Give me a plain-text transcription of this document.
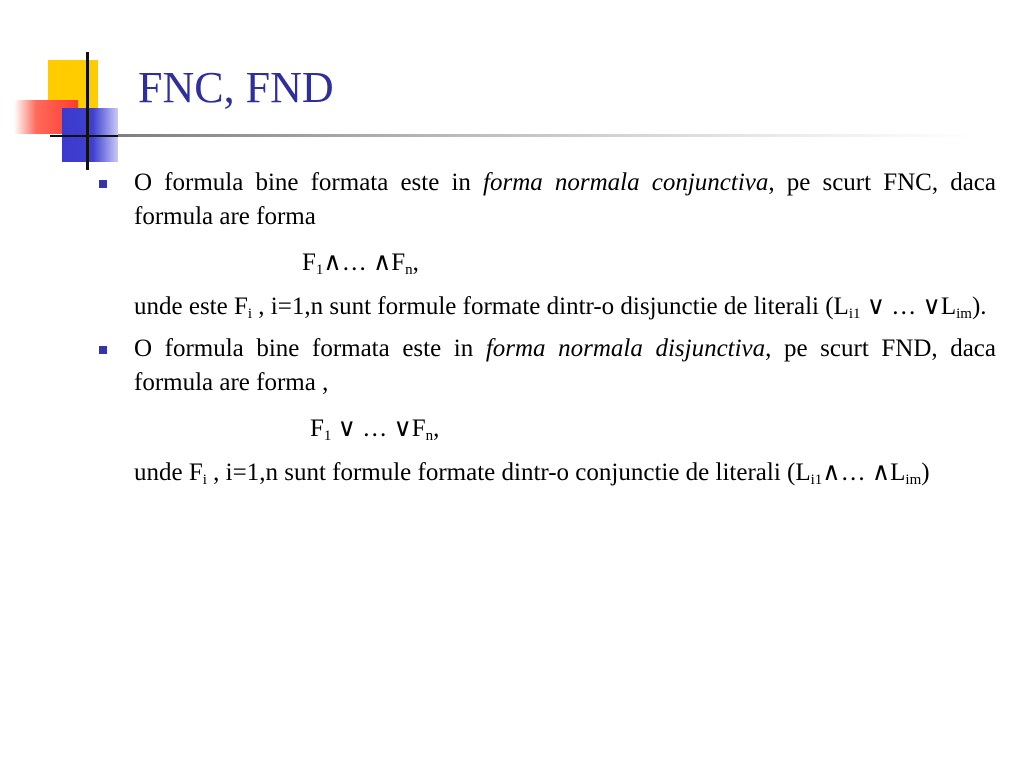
FNC, FND

O formula bine formata este in forma normala conjunctiva, pe scurt FNC, daca formula are forma

$F_1\wedge\dots$ $\wedge F_n$,

unde este $F_i$ , i=1,n sunt formule formate dintr-o disjunctie de literali ($L_{i1}$ ∨ … $\vee L_{im}$).

O formula bine formata este in forma normala disjunctiva, pe scurt FND, daca formula are forma ,

$F_1$ ∨ … $\vee F_n$,

unde $F_i$ , i=1,n sunt formule formate dintr-o conjunctie de literali ($L_{i1}\wedge\dots$ $\wedge L_{im}$)
